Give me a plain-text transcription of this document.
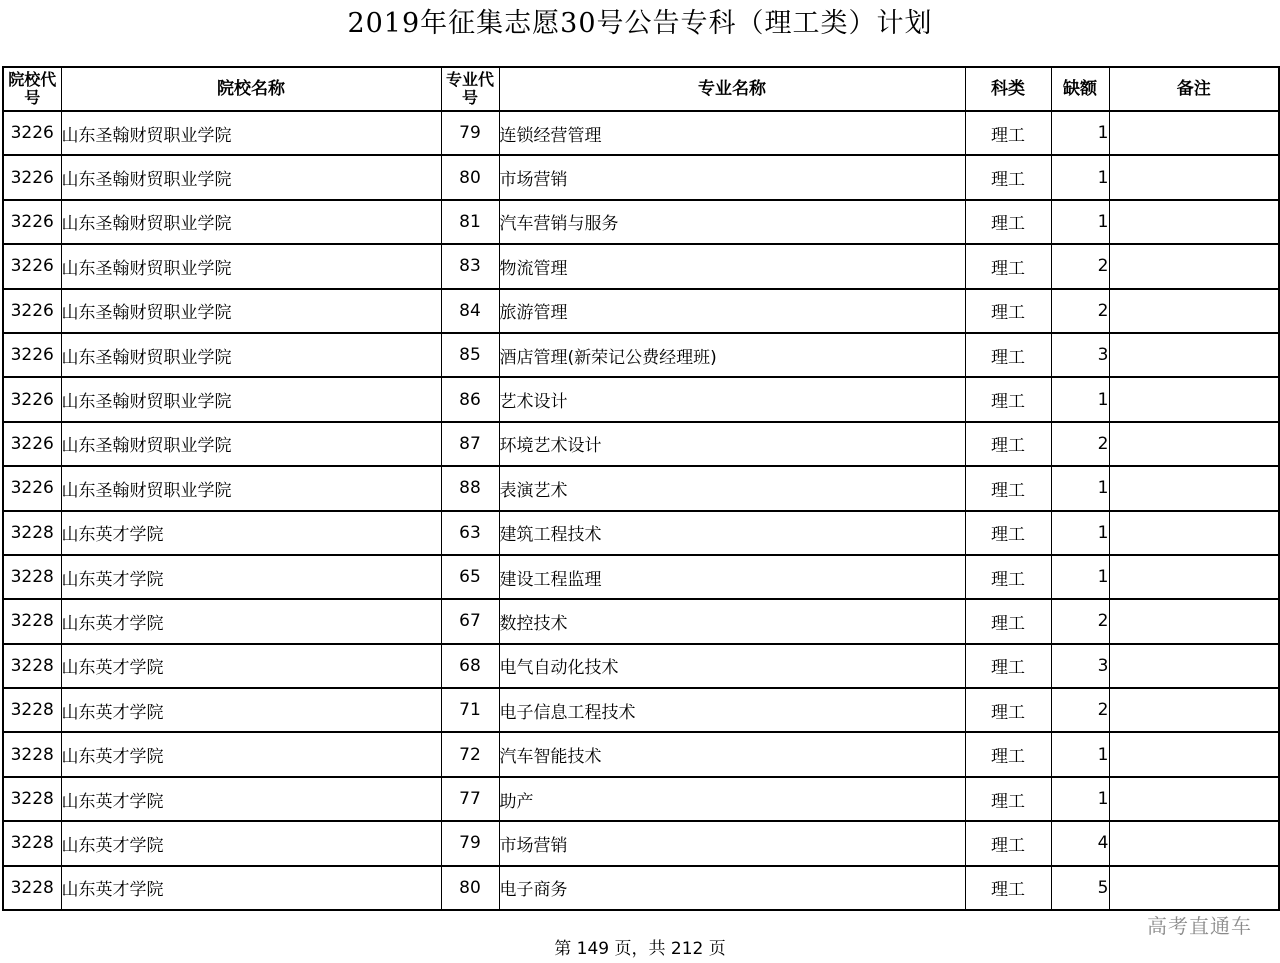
2019年征集志愿30号公告专科（理工类）计划
院校代号	院校名称	专业代号	专业名称	科类	缺额	备注
3226	山东圣翰财贸职业学院	79	连锁经营管理	理工	1	
3226	山东圣翰财贸职业学院	80	市场营销	理工	1	
3226	山东圣翰财贸职业学院	81	汽车营销与服务	理工	1	
3226	山东圣翰财贸职业学院	83	物流管理	理工	2	
3226	山东圣翰财贸职业学院	84	旅游管理	理工	2	
3226	山东圣翰财贸职业学院	85	酒店管理(新荣记公费经理班)	理工	3	
3226	山东圣翰财贸职业学院	86	艺术设计	理工	1	
3226	山东圣翰财贸职业学院	87	环境艺术设计	理工	2	
3226	山东圣翰财贸职业学院	88	表演艺术	理工	1	
3228	山东英才学院	63	建筑工程技术	理工	1	
3228	山东英才学院	65	建设工程监理	理工	1	
3228	山东英才学院	67	数控技术	理工	2	
3228	山东英才学院	68	电气自动化技术	理工	3	
3228	山东英才学院	71	电子信息工程技术	理工	2	
3228	山东英才学院	72	汽车智能技术	理工	1	
3228	山东英才学院	77	助产	理工	1	
3228	山东英才学院	79	市场营销	理工	4	
3228	山东英才学院	80	电子商务	理工	5	
高考直通车
第 149 页，共 212 页
